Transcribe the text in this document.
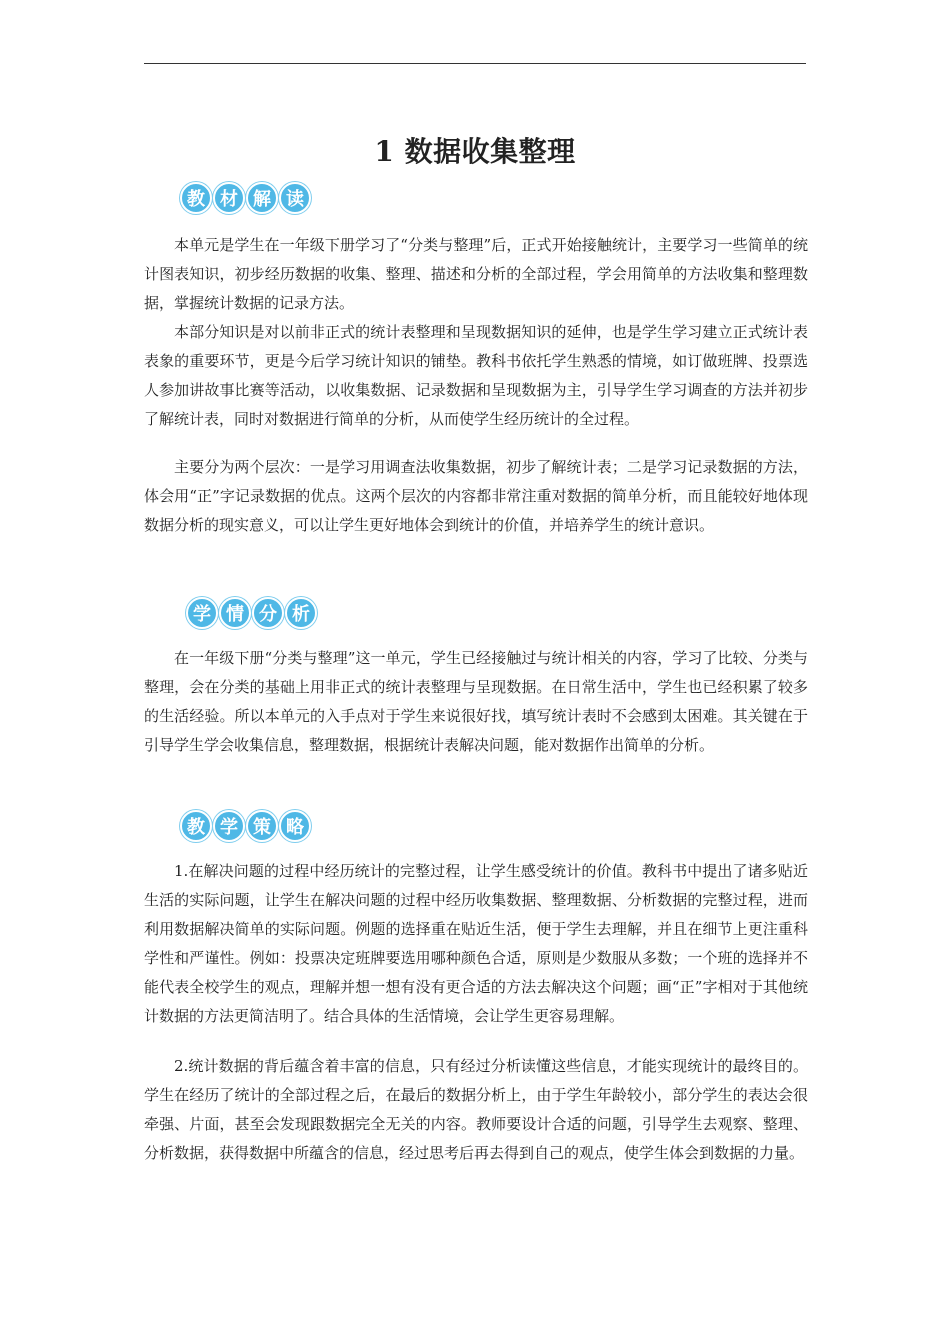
1 数据收集整理
教 材 解 读

本单元是学生在一年级下册学习了“分类与整理”后，正式开始接触统计，主要学习一些简单的统计图表知识，初步经历数据的收集、整理、描述和分析的全部过程，学会用简单的方法收集和整理数据，掌握统计数据的记录方法。

本部分知识是对以前非正式的统计表整理和呈现数据知识的延伸，也是学生学习建立正式统计表表象的重要环节，更是今后学习统计知识的铺垫。教科书依托学生熟悉的情境，如订做班牌、投票选人参加讲故事比赛等活动，以收集数据、记录数据和呈现数据为主，引导学生学习调查的方法并初步了解统计表，同时对数据进行简单的分析，从而使学生经历统计的全过程。

主要分为两个层次：一是学习用调查法收集数据，初步了解统计表；二是学习记录数据的方法，体会用“正”字记录数据的优点。这两个层次的内容都非常注重对数据的简单分析，而且能较好地体现数据分析的现实意义，可以让学生更好地体会到统计的价值，并培养学生的统计意识。

学 情 分 析

在一年级下册“分类与整理”这一单元，学生已经接触过与统计相关的内容，学习了比较、分类与整理，会在分类的基础上用非正式的统计表整理与呈现数据。在日常生活中，学生也已经积累了较多的生活经验。所以本单元的入手点对于学生来说很好找，填写统计表时不会感到太困难。其关键在于引导学生学会收集信息，整理数据，根据统计表解决问题，能对数据作出简单的分析。

教 学 策 略

1.在解决问题的过程中经历统计的完整过程，让学生感受统计的价值。教科书中提出了诸多贴近生活的实际问题，让学生在解决问题的过程中经历收集数据、整理数据、分析数据的完整过程，进而利用数据解决简单的实际问题。例题的选择重在贴近生活，便于学生去理解，并且在细节上更注重科学性和严谨性。例如：投票决定班牌要选用哪种颜色合适，原则是少数服从多数；一个班的选择并不能代表全校学生的观点，理解并想一想有没有更合适的方法去解决这个问题；画“正”字相对于其他统计数据的方法更简洁明了。结合具体的生活情境，会让学生更容易理解。

2.统计数据的背后蕴含着丰富的信息，只有经过分析读懂这些信息，才能实现统计的最终目的。学生在经历了统计的全部过程之后，在最后的数据分析上，由于学生年龄较小，部分学生的表达会很牵强、片面，甚至会发现跟数据完全无关的内容。教师要设计合适的问题，引导学生去观察、整理、分析数据，获得数据中所蕴含的信息，经过思考后再去得到自己的观点，使学生体会到数据的力量。
